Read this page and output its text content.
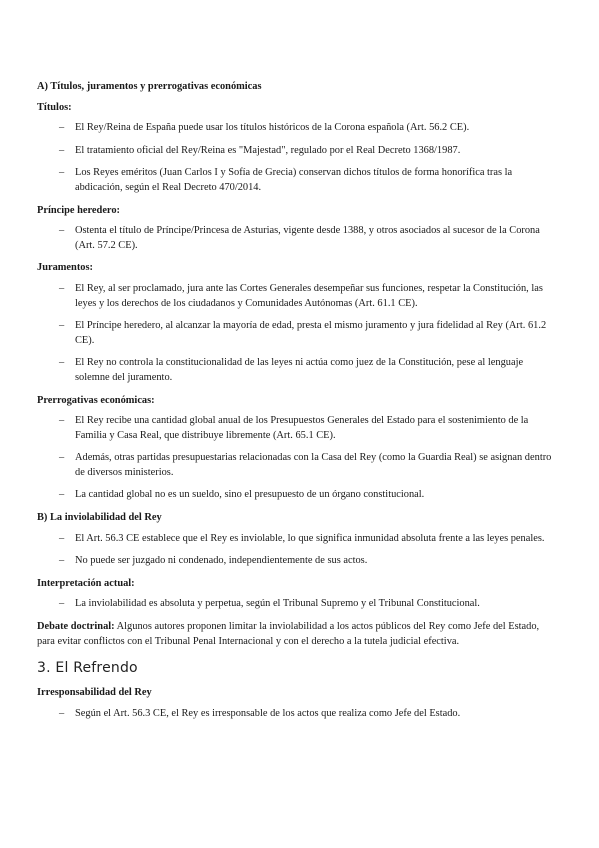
A) Títulos, juramentos y prerrogativas económicas

Títulos:

– El Rey/Reina de España puede usar los títulos históricos de la Corona española (Art. 56.2 CE).
– El tratamiento oficial del Rey/Reina es "Majestad", regulado por el Real Decreto 1368/1987.
– Los Reyes eméritos (Juan Carlos I y Sofía de Grecia) conservan dichos títulos de forma honorífica tras la abdicación, según el Real Decreto 470/2014.

Príncipe heredero:

– Ostenta el título de Príncipe/Princesa de Asturias, vigente desde 1388, y otros asociados al sucesor de la Corona (Art. 57.2 CE).

Juramentos:

– El Rey, al ser proclamado, jura ante las Cortes Generales desempeñar sus funciones, respetar la Constitución, las leyes y los derechos de los ciudadanos y Comunidades Autónomas (Art. 61.1 CE).
– El Príncipe heredero, al alcanzar la mayoría de edad, presta el mismo juramento y jura fidelidad al Rey (Art. 61.2 CE).
– El Rey no controla la constitucionalidad de las leyes ni actúa como juez de la Constitución, pese al lenguaje solemne del juramento.

Prerrogativas económicas:

– El Rey recibe una cantidad global anual de los Presupuestos Generales del Estado para el sostenimiento de la Familia y Casa Real, que distribuye libremente (Art. 65.1 CE).
– Además, otras partidas presupuestarias relacionadas con la Casa del Rey (como la Guardia Real) se asignan dentro de diversos ministerios.
– La cantidad global no es un sueldo, sino el presupuesto de un órgano constitucional.

B) La inviolabilidad del Rey

– El Art. 56.3 CE establece que el Rey es inviolable, lo que significa inmunidad absoluta frente a las leyes penales.
– No puede ser juzgado ni condenado, independientemente de sus actos.

Interpretación actual:

– La inviolabilidad es absoluta y perpetua, según el Tribunal Supremo y el Tribunal Constitucional.

Debate doctrinal: Algunos autores proponen limitar la inviolabilidad a los actos públicos del Rey como Jefe del Estado, para evitar conflictos con el Tribunal Penal Internacional y con el derecho a la tutela judicial efectiva.

3. El Refrendo

Irresponsabilidad del Rey

– Según el Art. 56.3 CE, el Rey es irresponsable de los actos que realiza como Jefe del Estado.
